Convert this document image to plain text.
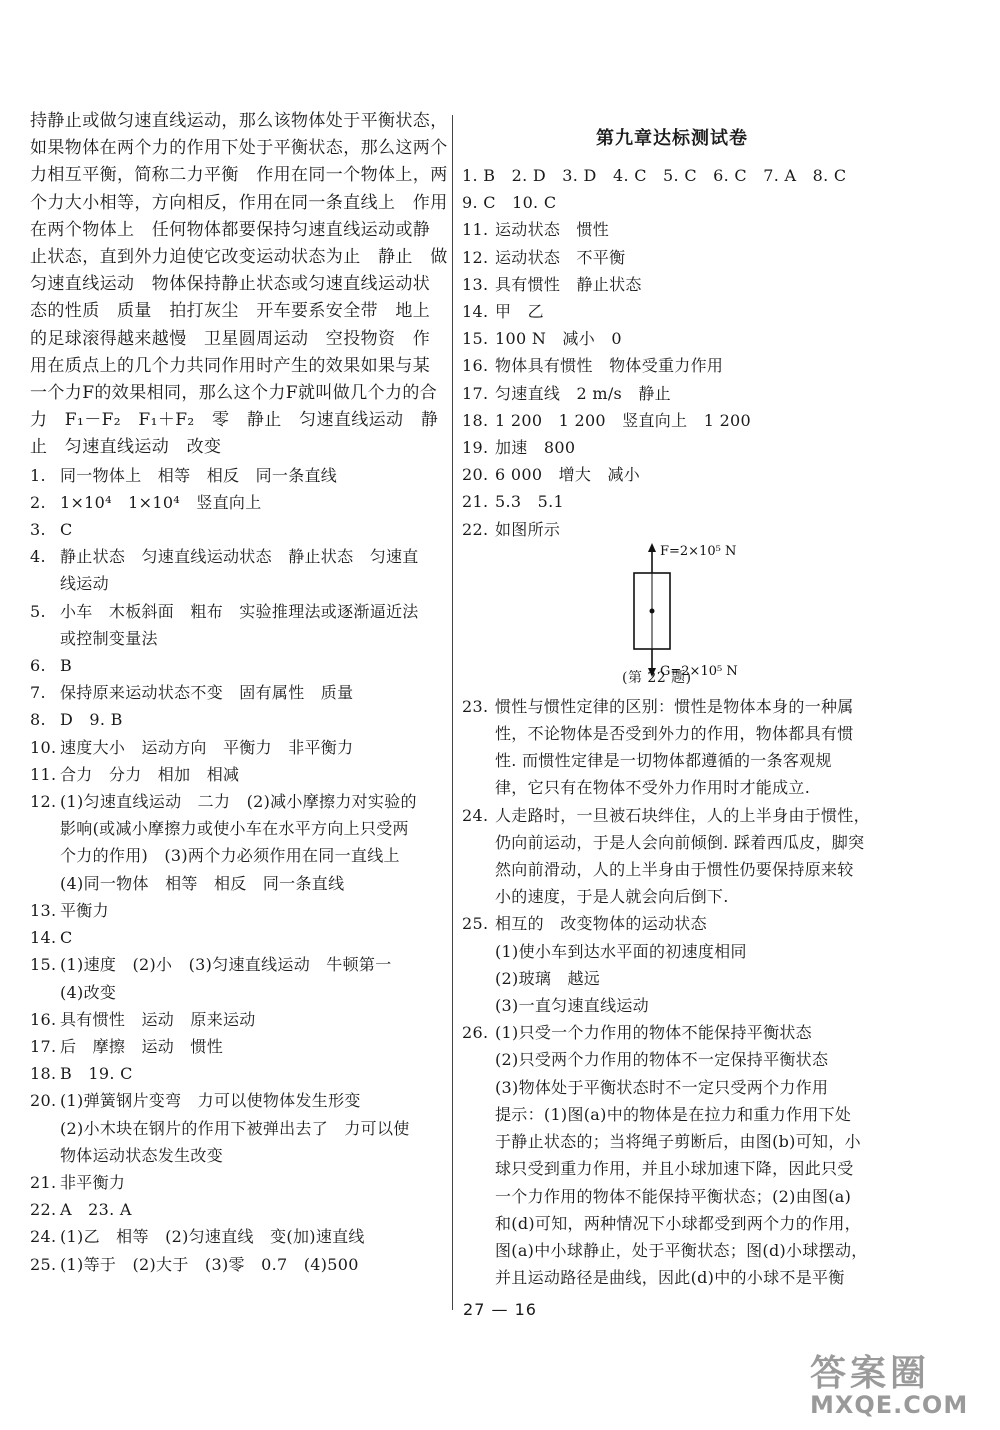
持静止或做匀速直线运动，那么该物体处于平衡状态，
如果物体在两个力的作用下处于平衡状态，那么这两个
力相互平衡，简称二力平衡　作用在同一个物体上，两
个力大小相等，方向相反，作用在同一条直线上　作用
在两个物体上　任何物体都要保持匀速直线运动或静
止状态，直到外力迫使它改变运动状态为止　静止　做
匀速直线运动　物体保持静止状态或匀速直线运动状
态的性质　质量　拍打灰尘　开车要系安全带　地上
的足球滚得越来越慢　卫星圆周运动　空投物资　作
用在质点上的几个力共同作用时产生的效果如果与某
一个力F的效果相同，那么这个力F就叫做几个力的合
力　F₁－F₂　F₁＋F₂　零　静止　匀速直线运动　静
止　匀速直线运动　改变
1. 同一物体上　相等　相反　同一条直线
2. 1×10⁴　1×10⁴　竖直向上
3. C
4. 静止状态　匀速直线运动状态　静止状态　匀速直
线运动
5. 小车　木板斜面　粗布　实验推理法或逐渐逼近法
或控制变量法
6. B
7. 保持原来运动状态不变　固有属性　质量
8. D　9. B
10. 速度大小　运动方向　平衡力　非平衡力
11. 合力　分力　相加　相减
12. (1)匀速直线运动　二力　(2)减小摩擦力对实验的
影响(或减小摩擦力或使小车在水平方向上只受两
个力的作用)　(3)两个力必须作用在同一直线上
(4)同一物体　相等　相反　同一条直线
13. 平衡力
14. C
15. (1)速度　(2)小　(3)匀速直线运动　牛顿第一
(4)改变
16. 具有惯性　运动　原来运动
17. 后　摩擦　运动　惯性
18. B　19. C
20. (1)弹簧钢片变弯　力可以使物体发生形变
(2)小木块在钢片的作用下被弹出去了　力可以使
物体运动状态发生改变
21. 非平衡力
22. A　23. A
24. (1)乙　相等　(2)匀速直线　变(加)速直线
25. (1)等于　(2)大于　(3)零　0.7　(4)500
第九章达标测试卷
1. B　2. D　3. D　4. C　5. C　6. C　7. A　8. C
9. C　10. C
11. 运动状态　惯性
12. 运动状态　不平衡
13. 具有惯性　静止状态
14. 甲　乙
15. 100 N　减小　0
16. 物体具有惯性　物体受重力作用
17. 匀速直线　2 m/s　静止
18. 1 200　1 200　竖直向上　1 200
19. 加速　800
20. 6 000　增大　减小
21. 5.3　5.1
22. 如图所示
F=2×10⁵ N
G=2×10⁵ N
(第 22 题)
23. 惯性与惯性定律的区别：惯性是物体本身的一种属
性，不论物体是否受到外力的作用，物体都具有惯
性. 而惯性定律是一切物体都遵循的一条客观规
律，它只有在物体不受外力作用时才能成立.
24. 人走路时，一旦被石块绊住，人的上半身由于惯性，
仍向前运动，于是人会向前倾倒. 踩着西瓜皮，脚突
然向前滑动，人的上半身由于惯性仍要保持原来较
小的速度，于是人就会向后倒下.
25. 相互的　改变物体的运动状态
(1)使小车到达水平面的初速度相同
(2)玻璃　越远
(3)一直匀速直线运动
26. (1)只受一个力作用的物体不能保持平衡状态
(2)只受两个力作用的物体不一定保持平衡状态
(3)物体处于平衡状态时不一定只受两个力作用
提示：(1)图(a)中的物体是在拉力和重力作用下处
于静止状态的；当将绳子剪断后，由图(b)可知，小
球只受到重力作用，并且小球加速下降，因此只受
一个力作用的物体不能保持平衡状态；(2)由图(a)
和(d)可知，两种情况下小球都受到两个力的作用，
图(a)中小球静止，处于平衡状态；图(d)小球摆动，
并且运动路径是曲线，因此(d)中的小球不是平衡
27 — 16
答案圈
MXQE.COM
